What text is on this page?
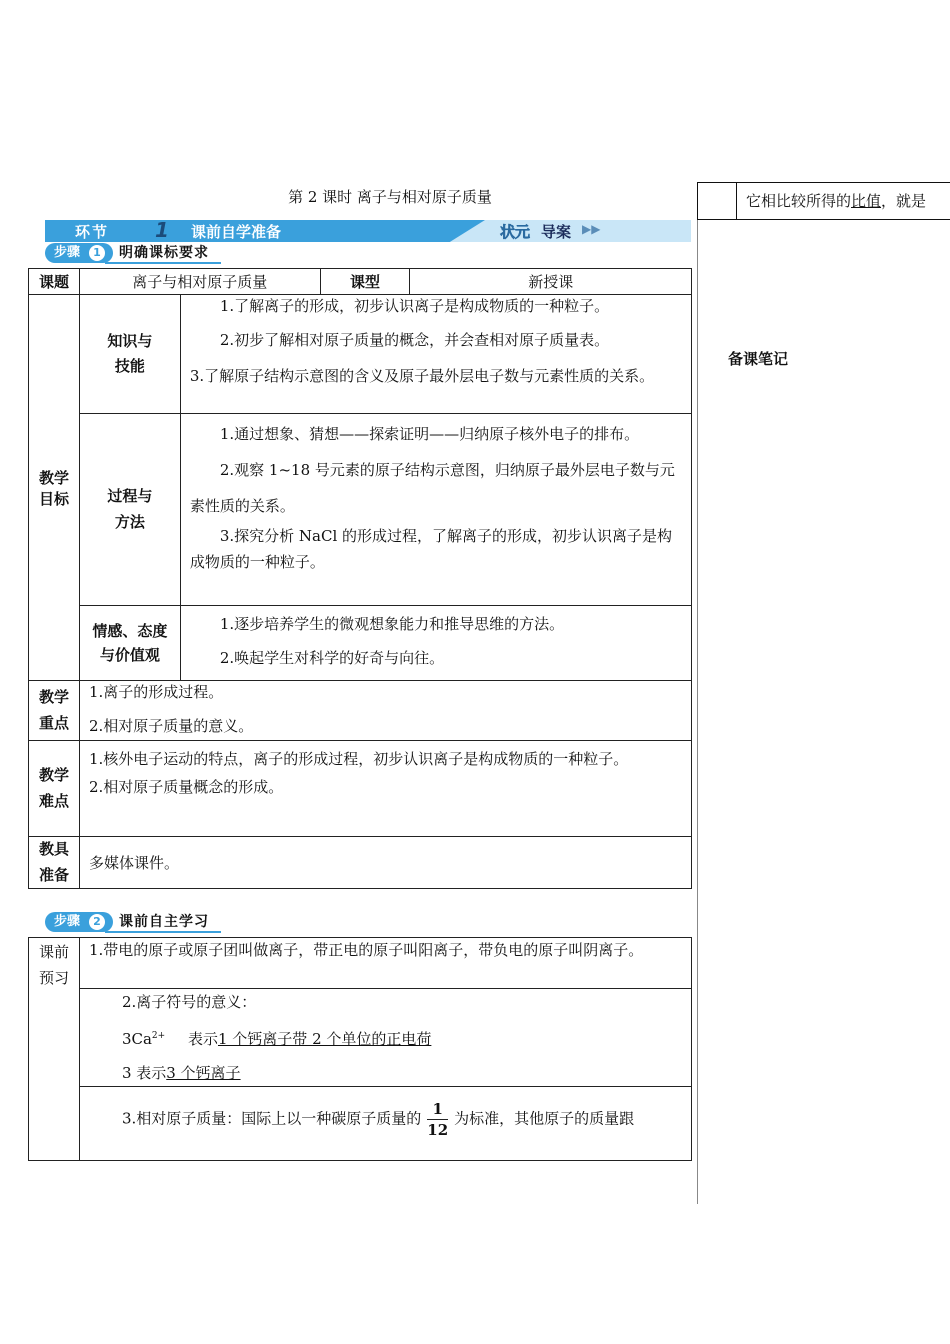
第 2 课时 离子与相对原子质量	它相比较所得的比值，就是
备课笔记
环节 1 课前自学准备	状元 导案 ▶▶
步骤	1 明确课标要求
课题	离子与相对原子质量		课型	新授课
教学目标	知识与技能	1.了解离子的形成，初步认识离子是构成物质的一种粒子。
2.初步了解相对原子质量的概念，并会查相对原子质量表。
3.了解原子结构示意图的含义及原子最外层电子数与元素性质的关系。		

	过程与方法	1.通过想象、猜想——探索证明——归纳原子核外电子的排布。
2.观察 1~18 号元素的原子结构示意图，归纳原子最外层电子数与元素性质的关系。
3.探究分析 NaCl 的形成过程，了解离子的形成，初步认识离子是构成物质的一种粒子。		

	情感、态度与价值观	1.逐步培养学生的微观想象能力和推导思维的方法。
2.唤起学生对科学的好奇与向往。		

教学重点	1.离子的形成过程。
2.相对原子质量的意义。			

教学难点	1.核外电子运动的特点，离子的形成过程，初步认识离子是构成物质的一种粒子。
2.相对原子质量概念的形成。			

教具准备	多媒体课件。			
步骤	2 课前自主学习
课前预习	1.带电的原子或原子团叫做离子，带正电的原子叫阳离子，带负电的原子叫阴离子。

2.离子符号的意义：
$3Ca^{2+}$ 表示1 个钙离子带 2 个单位的正电荷
3 表示3 个钙离子

3.相对原子质量：国际上以一种碳原子质量的 $\frac{1}{12}$ 为标准，其他原子的质量跟
